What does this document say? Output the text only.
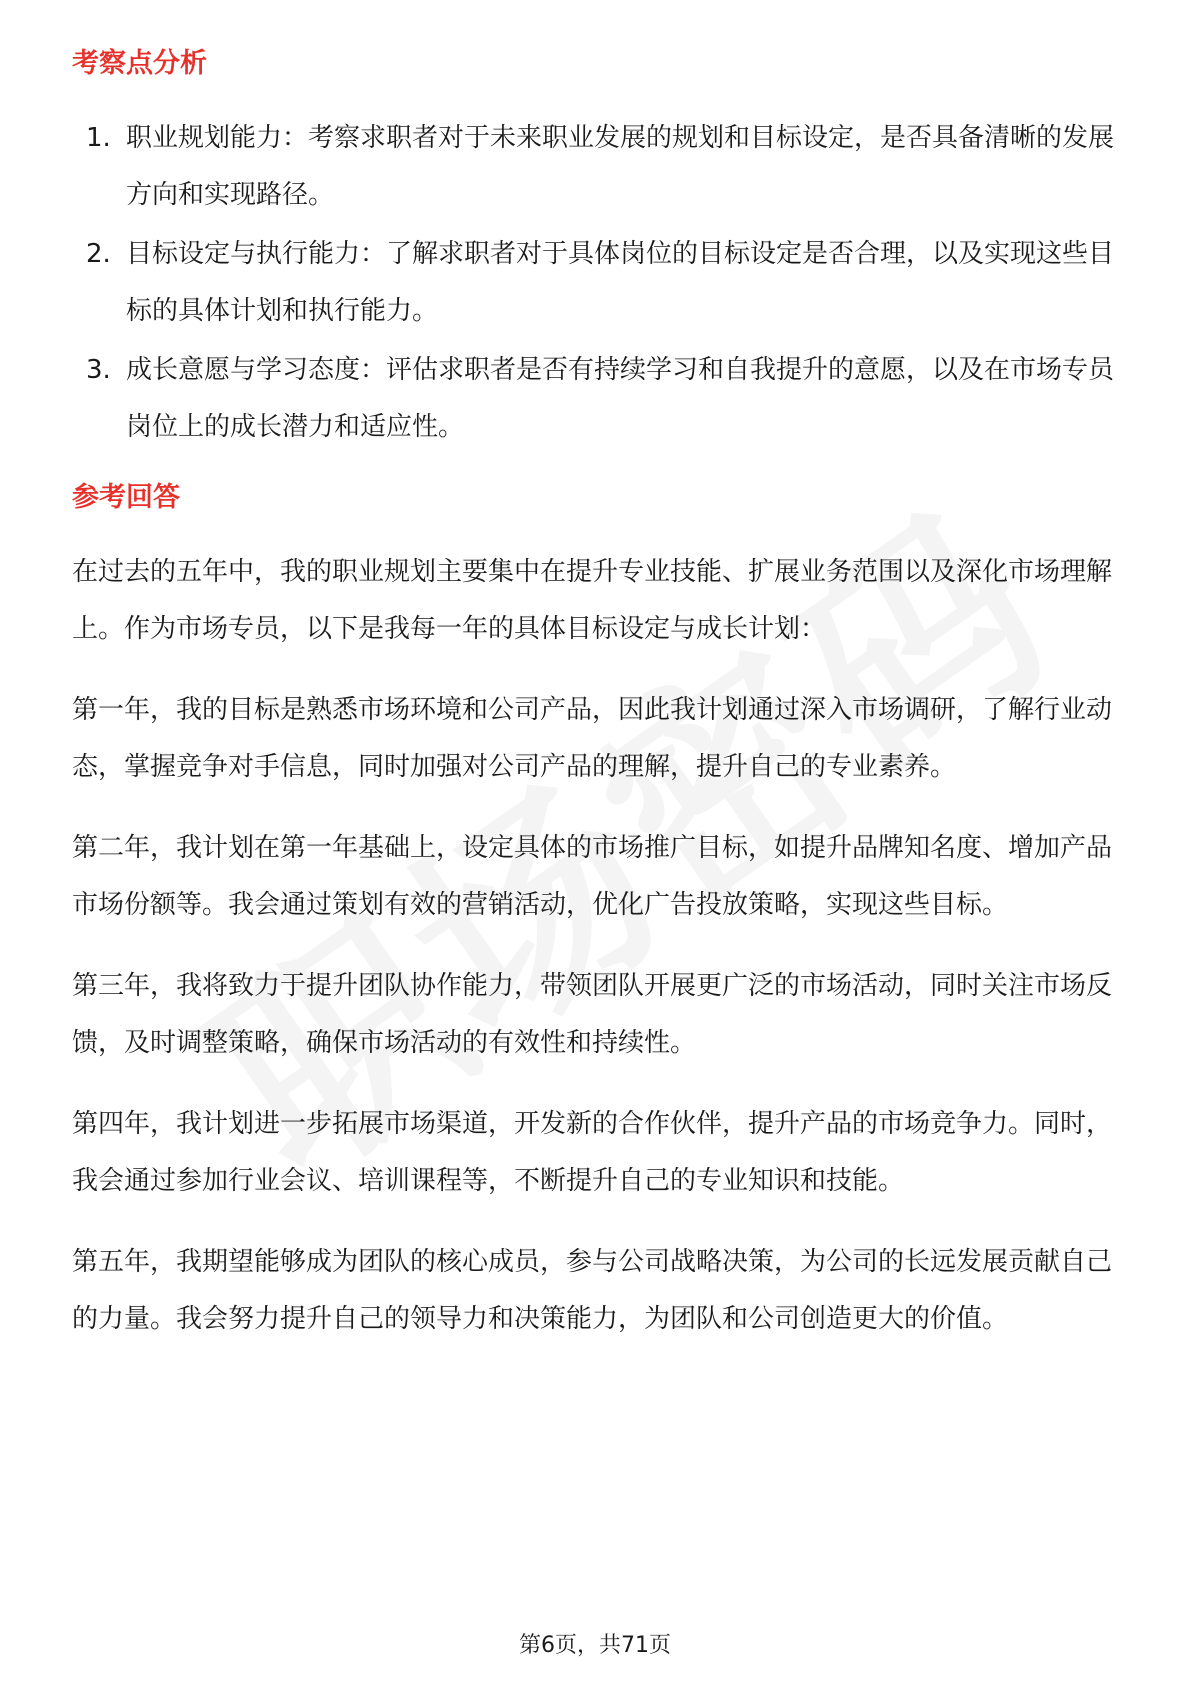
考察点分析
1. 职业规划能力：考察求职者对于未来职业发展的规划和目标设定，是否具备清晰的发展方向和实现路径。
2. 目标设定与执行能力：了解求职者对于具体岗位的目标设定是否合理，以及实现这些目标的具体计划和执行能力。
3. 成长意愿与学习态度：评估求职者是否有持续学习和自我提升的意愿，以及在市场专员岗位上的成长潜力和适应性。
参考回答

在过去的五年中，我的职业规划主要集中在提升专业技能、扩展业务范围以及深化市场理解上。作为市场专员，以下是我每一年的具体目标设定与成长计划：

第一年，我的目标是熟悉市场环境和公司产品，因此我计划通过深入市场调研，了解行业动态，掌握竞争对手信息，同时加强对公司产品的理解，提升自己的专业素养。

第二年，我计划在第一年基础上，设定具体的市场推广目标，如提升品牌知名度、增加产品市场份额等。我会通过策划有效的营销活动，优化广告投放策略，实现这些目标。

第三年，我将致力于提升团队协作能力，带领团队开展更广泛的市场活动，同时关注市场反馈，及时调整策略，确保市场活动的有效性和持续性。

第四年，我计划进一步拓展市场渠道，开发新的合作伙伴，提升产品的市场竞争力。同时，我会通过参加行业会议、培训课程等，不断提升自己的专业知识和技能。

第五年，我期望能够成为团队的核心成员，参与公司战略决策，为公司的长远发展贡献自己的力量。我会努力提升自己的领导力和决策能力，为团队和公司创造更大的价值。

第6页，共71页
